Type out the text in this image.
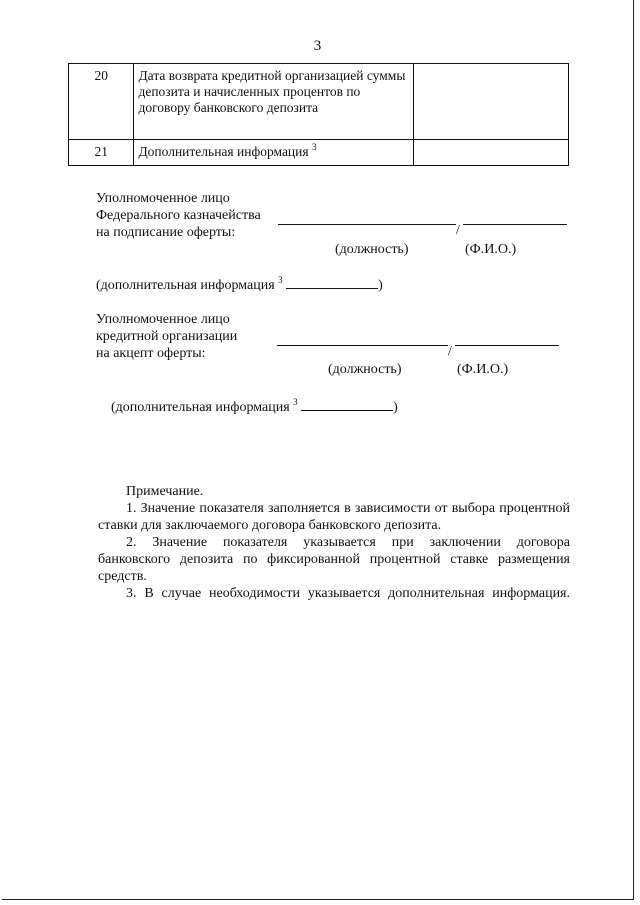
3
20	Дата возврата кредитной организацией суммы депозита и начисленных процентов по договору банковского депозита	
21	Дополнительная информация $^3$	
Уполномоченное лицо
Федерального казначейства
на подписание оферты:	/
(должность)	(Ф.И.О.)
(дополнительная информация $^3$	)
Уполномоченное лицо
кредитной организации
на акцепт оферты:	/
(должность)	(Ф.И.О.)
(дополнительная информация $^3$	)

Примечание.

1. Значение показателя заполняется в зависимости от выбора процентной ставки для заключаемого договора банковского депозита.

2. Значение показателя указывается при заключении договора банковского депозита по фиксированной процентной ставке размещения средств.

3. В случае необходимости указывается дополнительная информация.
